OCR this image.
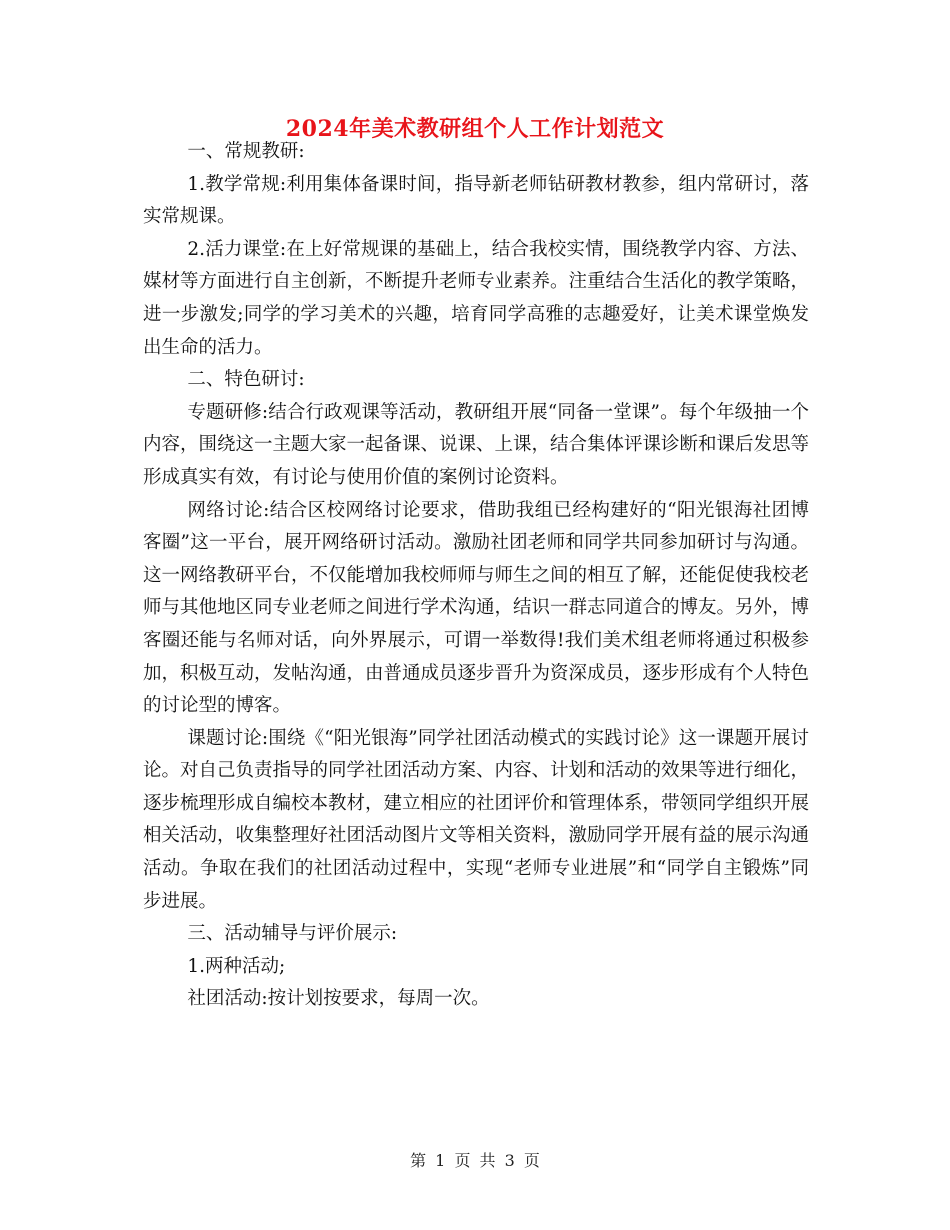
2024年美术教研组个人工作计划范文

一、常规教研:

1.教学常规:利用集体备课时间，指导新老师钻研教材教参，组内常研讨，落实常规课。

2.活力课堂:在上好常规课的基础上，结合我校实情，围绕教学内容、方法、媒材等方面进行自主创新，不断提升老师专业素养。注重结合生活化的教学策略，进一步激发;同学的学习美术的兴趣，培育同学高雅的志趣爱好，让美术课堂焕发出生命的活力。

二、特色研讨:

专题研修:结合行政观课等活动，教研组开展“同备一堂课”。每个年级抽一个内容，围绕这一主题大家一起备课、说课、上课，结合集体评课诊断和课后发思等形成真实有效，有讨论与使用价值的案例讨论资料。

网络讨论:结合区校网络讨论要求，借助我组已经构建好的“阳光银海社团博客圈”这一平台，展开网络研讨活动。激励社团老师和同学共同参加研讨与沟通。这一网络教研平台，不仅能增加我校师师与师生之间的相互了解，还能促使我校老师与其他地区同专业老师之间进行学术沟通，结识一群志同道合的博友。另外，博客圈还能与名师对话，向外界展示，可谓一举数得!我们美术组老师将通过积极参加，积极互动，发帖沟通，由普通成员逐步晋升为资深成员，逐步形成有个人特色的讨论型的博客。

课题讨论:围绕《“阳光银海”同学社团活动模式的实践讨论》这一课题开展讨论。对自己负责指导的同学社团活动方案、内容、计划和活动的效果等进行细化，逐步梳理形成自编校本教材，建立相应的社团评价和管理体系，带领同学组织开展相关活动，收集整理好社团活动图片文等相关资料，激励同学开展有益的展示沟通活动。争取在我们的社团活动过程中，实现“老师专业进展”和“同学自主锻炼”同步进展。

三、活动辅导与评价展示:

1.两种活动;

社团活动:按计划按要求，每周一次。

第 1 页 共 3 页
